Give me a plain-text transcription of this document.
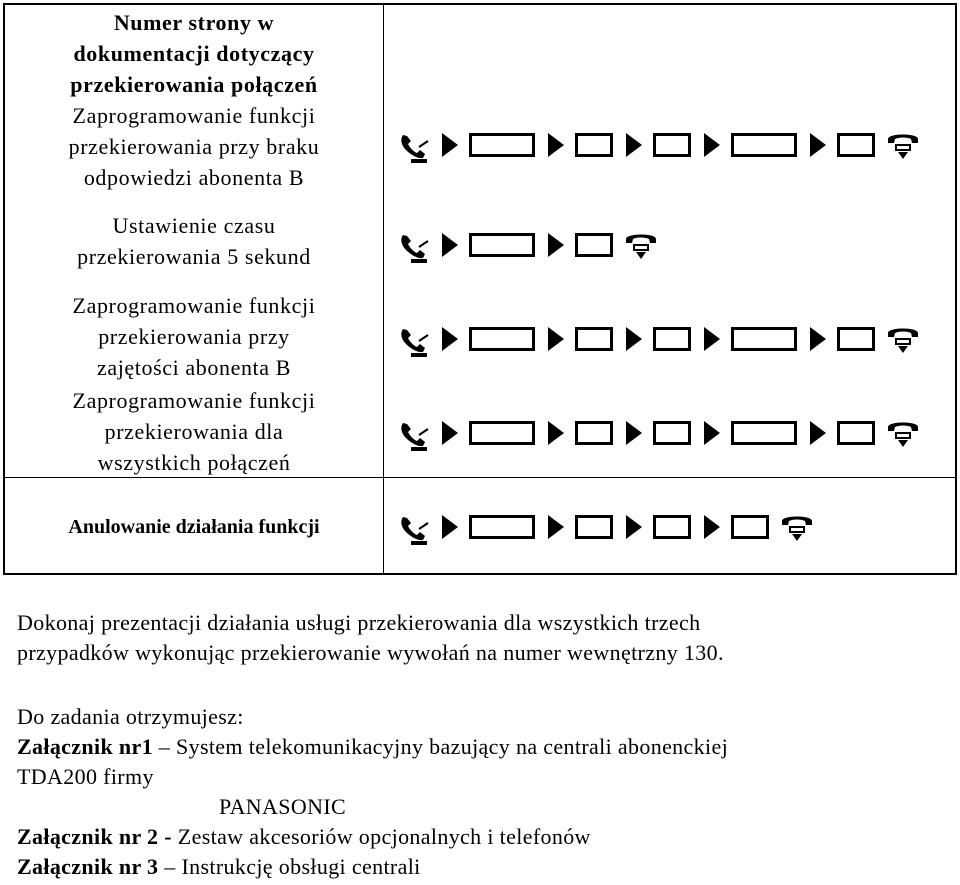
Numer strony w
dokumentacji dotyczący
przekierowania połączeń
Zaprogramowanie funkcji
przekierowania przy braku
odpowiedzi abonenta B
Ustawienie czasu
przekierowania 5 sekund
Zaprogramowanie funkcji
przekierowania przy
zajętości abonenta B
Zaprogramowanie funkcji
przekierowania dla
wszystkich połączeń
Anulowanie działania funkcji
Dokonaj prezentacji działania usługi przekierowania dla wszystkich trzech
przypadków wykonując przekierowanie wywołań na numer wewnętrzny 130.
Do zadania otrzymujesz:
Załącznik nr1 – System telekomunikacyjny bazujący na centrali abonenckiej
TDA200 firmy
PANASONIC
Załącznik nr 2 - Zestaw akcesoriów opcjonalnych i telefonów
Załącznik nr 3 – Instrukcję obsługi centrali
